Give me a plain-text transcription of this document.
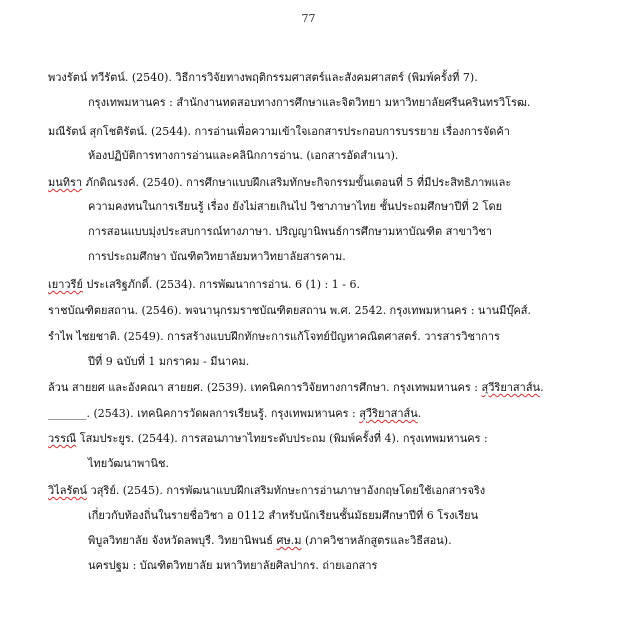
77
พวงรัตน์ ทวีรัตน์. (2540). วิธีการวิจัยทางพฤติกรรมศาสตร์และสังคมศาสตร์ (พิมพ์ครั้งที่ 7).
กรุงเทพมหานคร : สำนักงานทดสอบทางการศึกษาและจิตวิทยา มหาวิทยาลัยศรีนครินทรวิโรฒ.
มณีรัตน์ สุกโชติรัตน์. (2544). การอ่านเพื่อความเข้าใจเอกสารประกอบการบรรยาย เรื่องการจัดค้า
ห้องปฏิบัติการทางการอ่านและคลินิกการอ่าน. (เอกสารอัดสำเนา).
มนทิรา ภักดิณรงค์. (2540). การศึกษาแบบฝึกเสริมทักษะกิจกรรมขั้นเตอนที่ 5 ที่มีประสิทธิภาพและ
ความคงทนในการเรียนรู้ เรื่อง ยังไม่สายเกินไป วิชาภาษาไทย ชั้นประถมศึกษาปีที่ 2 โดย
การสอนแบบมุ่งประสบการณ์ทางภาษา. ปริญญานิพนธ์การศึกษามหาบัณฑิต สาขาวิชา
การประถมศึกษา บัณฑิตวิทยาลัยมหาวิทยาลัยสารคาม.
เยาวรีย์ ประเสริฐภักดิ์. (2534). การพัฒนาการอ่าน. 6 (1) : 1 - 6.
ราชบัณฑิตยสถาน. (2546). พจนานุกรมราชบัณฑิตยสถาน พ.ศ. 2542. กรุงเทพมหานคร : นานมีบุ๊คส์.
รำไพ ไชยชาติ. (2549). การสร้างแบบฝึกทักษะการแก้โจทย์ปัญหาคณิตศาสตร์. วารสารวิชาการ
ปีที่ 9 ฉบับที่ 1 มกราคม - มีนาคม.
ล้วน สายยศ และอังคณา สายยศ. (2539). เทคนิคการวิจัยทางการศึกษา. กรุงเทพมหานคร : สุวีริยาสาส์น.
_______. (2543). เทคนิคการวัดผลการเรียนรู้. กรุงเทพมหานคร : สุวีริยาสาส์น.
วรรณี โสมประยูร. (2544). การสอนภาษาไทยระดับประถม (พิมพ์ครั้งที่ 4). กรุงเทพมหานคร :
ไทยวัฒนาพานิช.
วิไลรัตน์ วสุริย์. (2545). การพัฒนาแบบฝึกเสริมทักษะการอ่านภาษาอังกฤษโดยใช้เอกสารจริง
เกี่ยวกับท้องถิ่นในรายชื่อวิชา อ 0112 สำหรับนักเรียนชั้นมัธยมศึกษาปีที่ 6 โรงเรียน
พิบูลวิทยาลัย จังหวัดลพบุรี. วิทยานิพนธ์ ศษ.ม (ภาควิชาหลักสูตรและวิธีสอน).
นครปฐม : บัณฑิตวิทยาลัย มหาวิทยาลัยศิลปากร. ถ่ายเอกสาร
